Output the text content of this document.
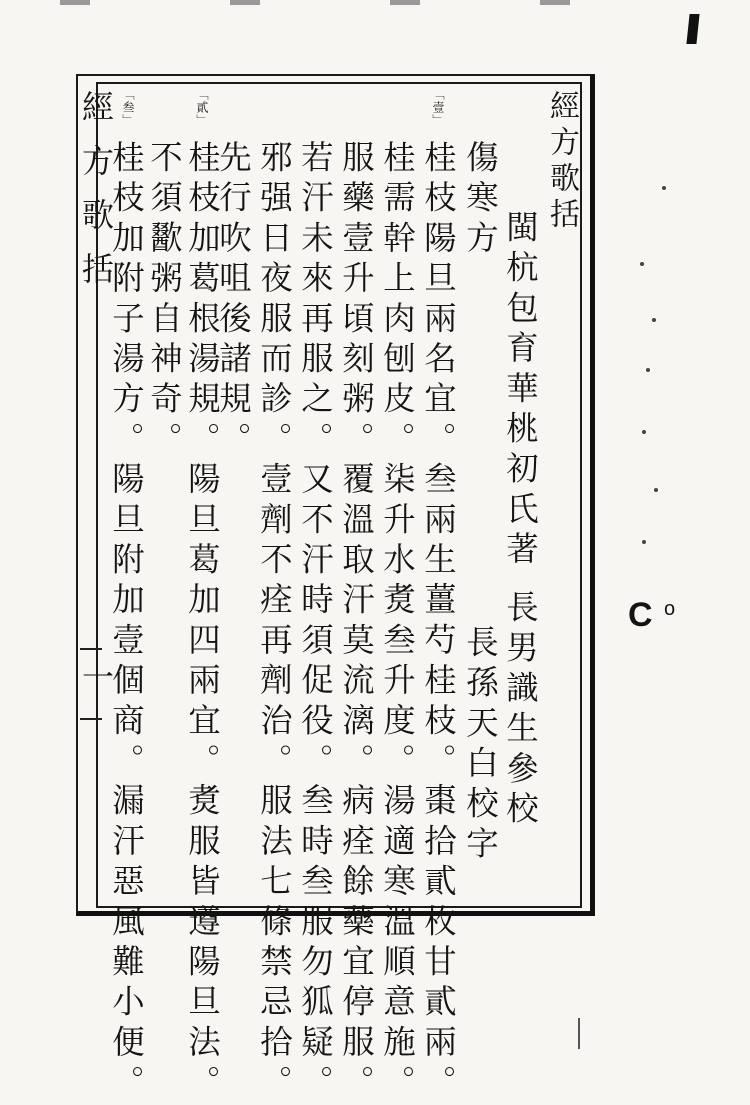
經方歌括
一
經方歌括
閩杭包育華桃初氏著
長男識生參校
長孫天白校字
傷寒方
「壹」
桂枝陽旦兩名宜。叁兩生薑芍桂枝。棗拾貳枚甘貳兩。
桂需幹上肉刨皮。柒升水煑叁升度。湯適寒溫順意施。
服藥壹升頃刻粥。覆溫取汗莫流漓。病痊餘藥宜停服。
若汗未來再服之。又不汗時須促役。叁時叁服勿狐疑。
邪强日夜服而診。壹劑不痊再劑治。服法七條禁忌拾。
先行吹咀後諸規。
「貳」
桂枝加葛根湯規。陽旦葛加四兩宜。煑服皆遵陽旦法。
不須歠粥自神奇。
「叁」
桂枝加附子湯方。陽旦附加壹個商。漏汗惡風難小便。	C o
